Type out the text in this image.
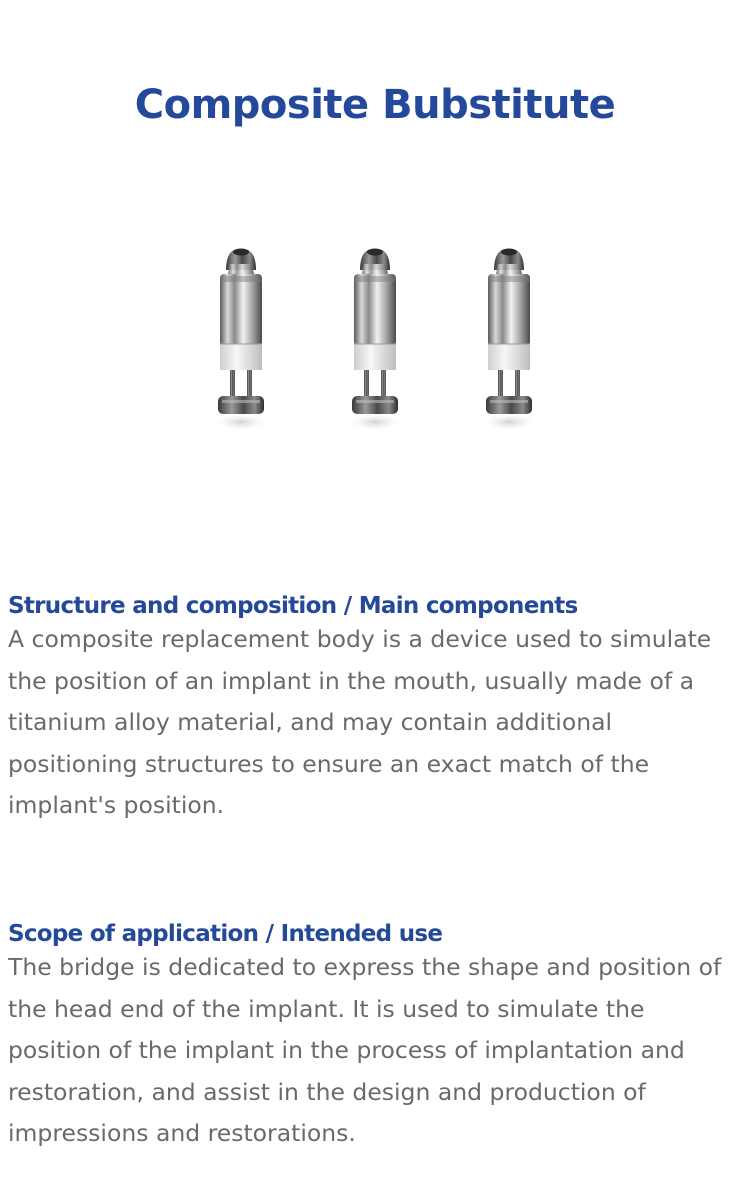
Composite Bubstitute
Structure and composition / Main components

A composite replacement body is a device used to simulate the position of an implant in the mouth, usually made of a titanium alloy material, and may contain additional positioning structures to ensure an exact match of the implant's position.

Scope of application / Intended use

The bridge is dedicated to express the shape and position of the head end of the implant. It is used to simulate the position of the implant in the process of implantation and restoration, and assist in the design and production of impressions and restorations.
